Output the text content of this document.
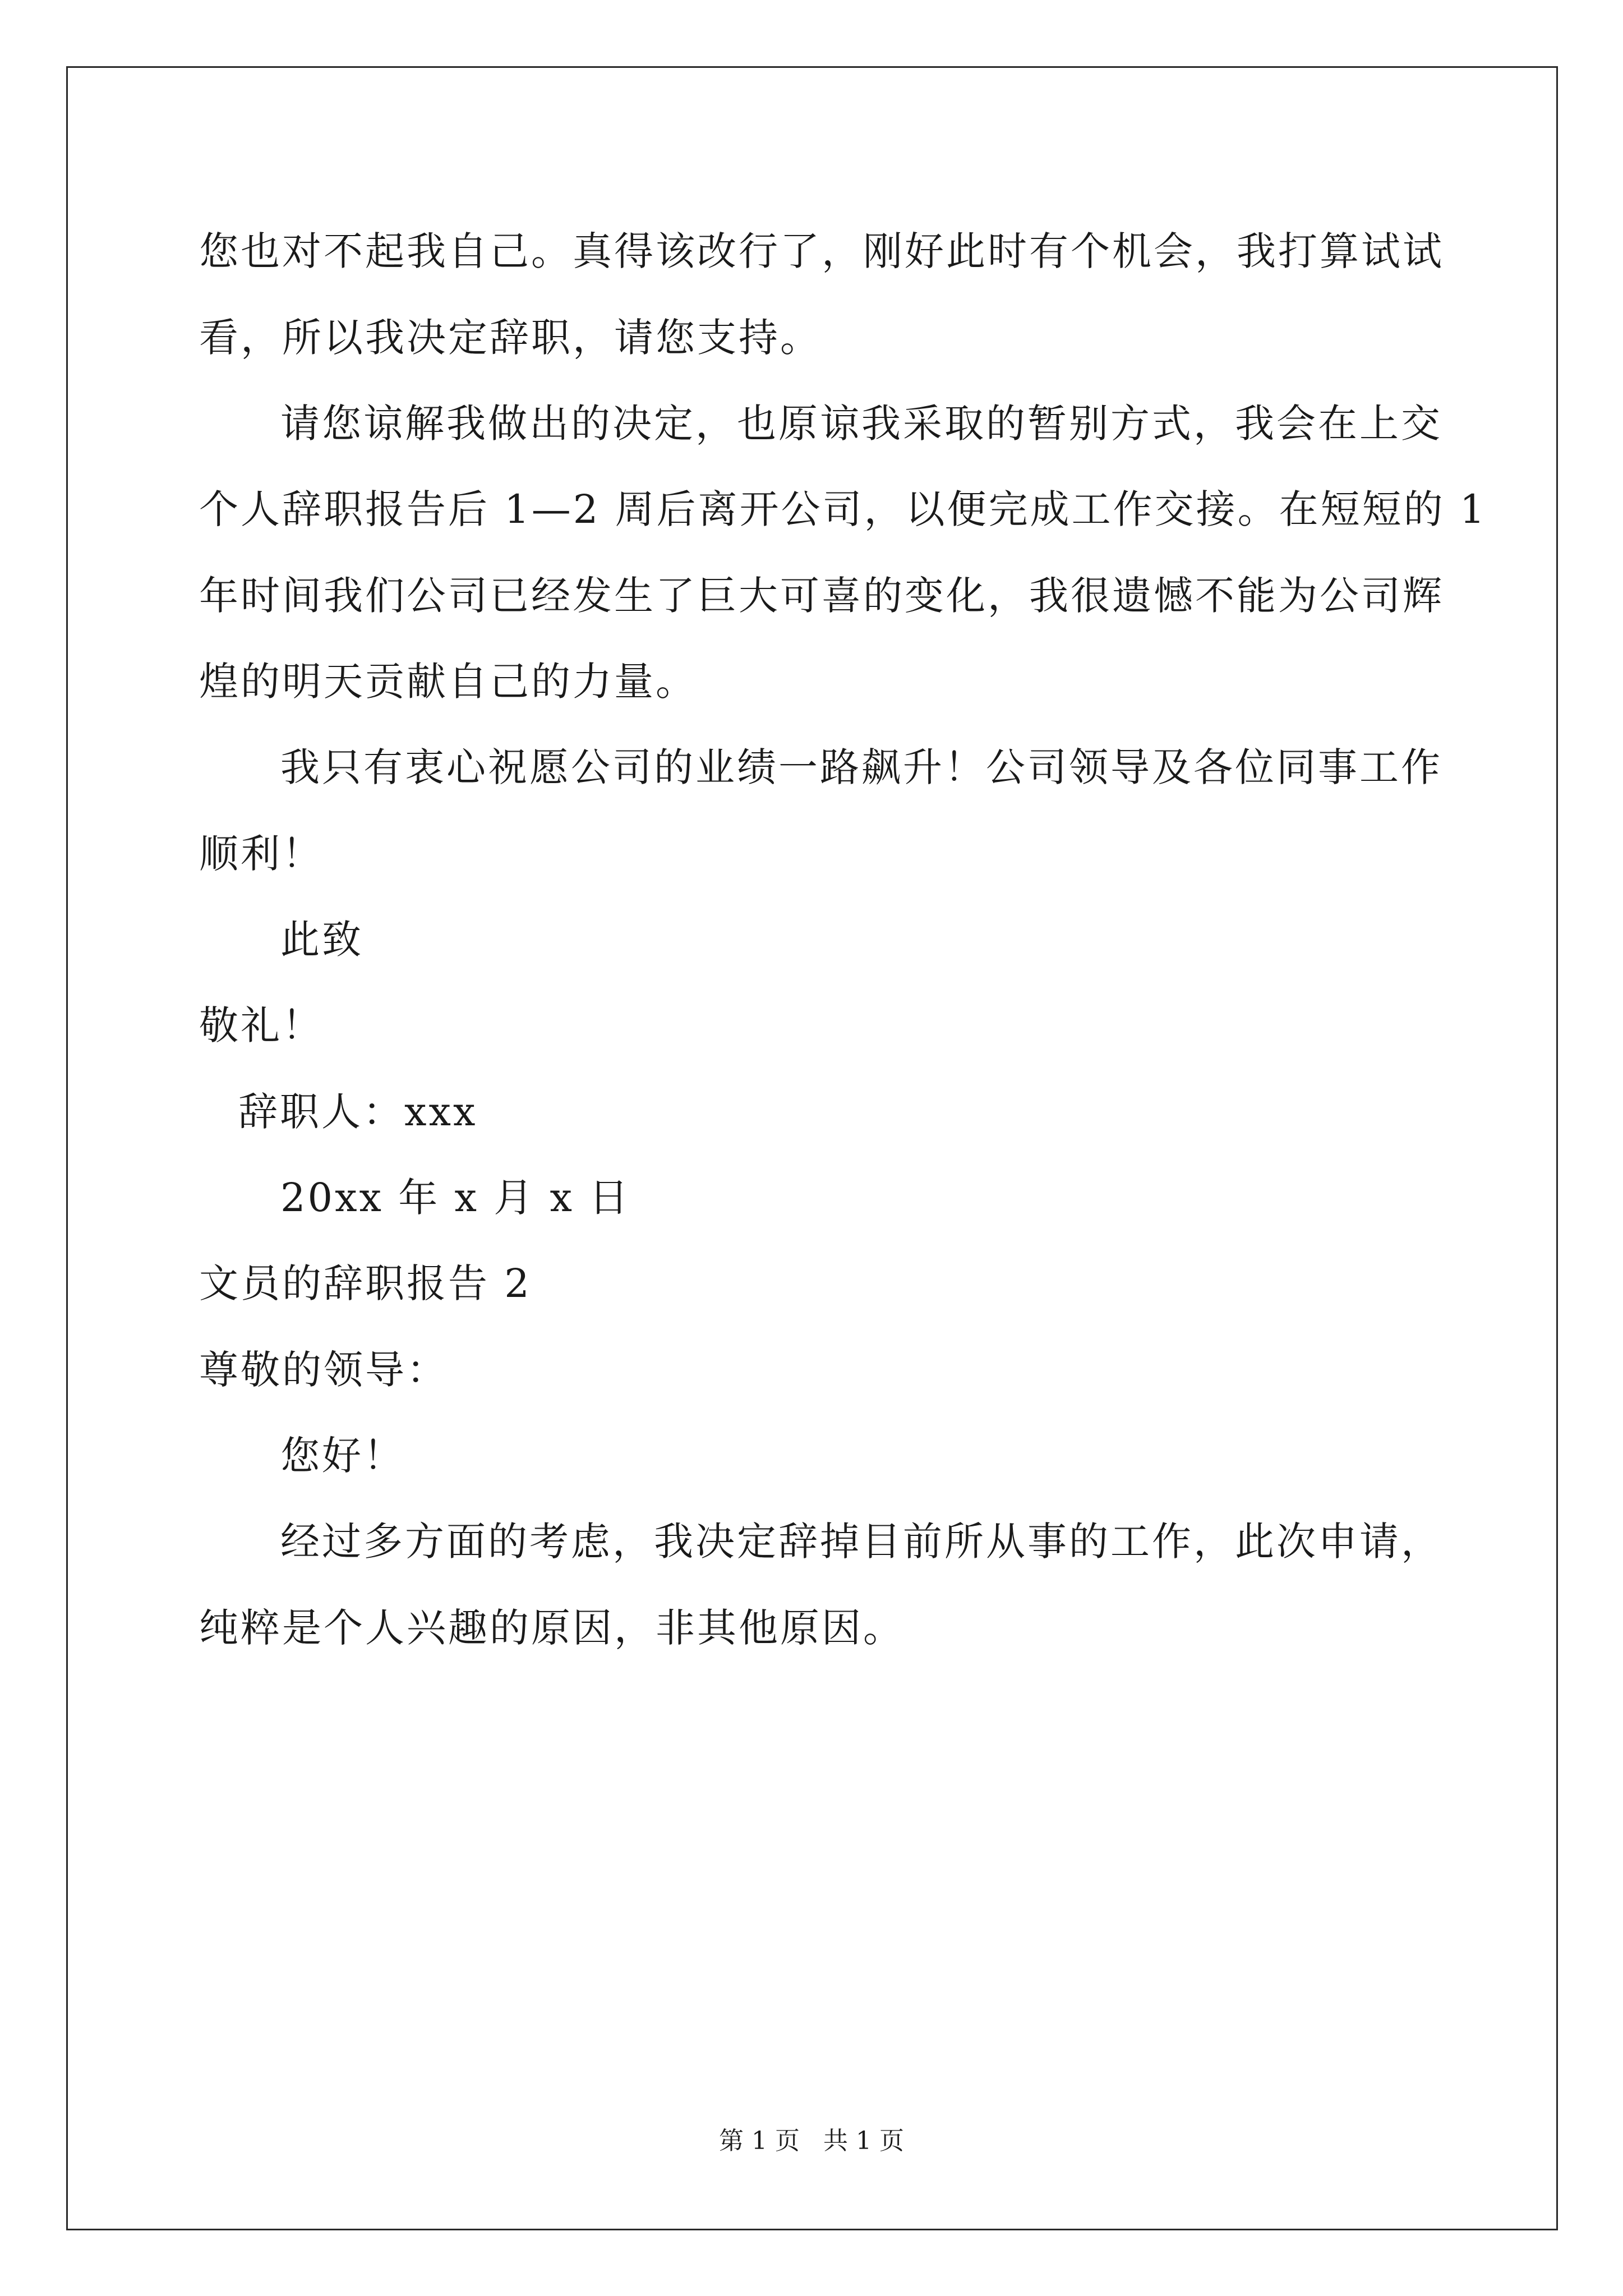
您也对不起我自己。真得该改行了，刚好此时有个机会，我打算试试
看，所以我决定辞职，请您支持。
请您谅解我做出的决定，也原谅我采取的暂别方式，我会在上交
个人辞职报告后 1—2 周后离开公司，以便完成工作交接。在短短的 1
年时间我们公司已经发生了巨大可喜的变化，我很遗憾不能为公司辉
煌的明天贡献自己的力量。
我只有衷心祝愿公司的业绩一路飙升！公司领导及各位同事工作
顺利！
此致
敬礼！
辞职人：xxx
20xx 年 x 月 x 日
文员的辞职报告 2
尊敬的领导：
您好！
经过多方面的考虑，我决定辞掉目前所从事的工作，此次申请，
纯粹是个人兴趣的原因，非其他原因。
第 1 页   共 1 页
